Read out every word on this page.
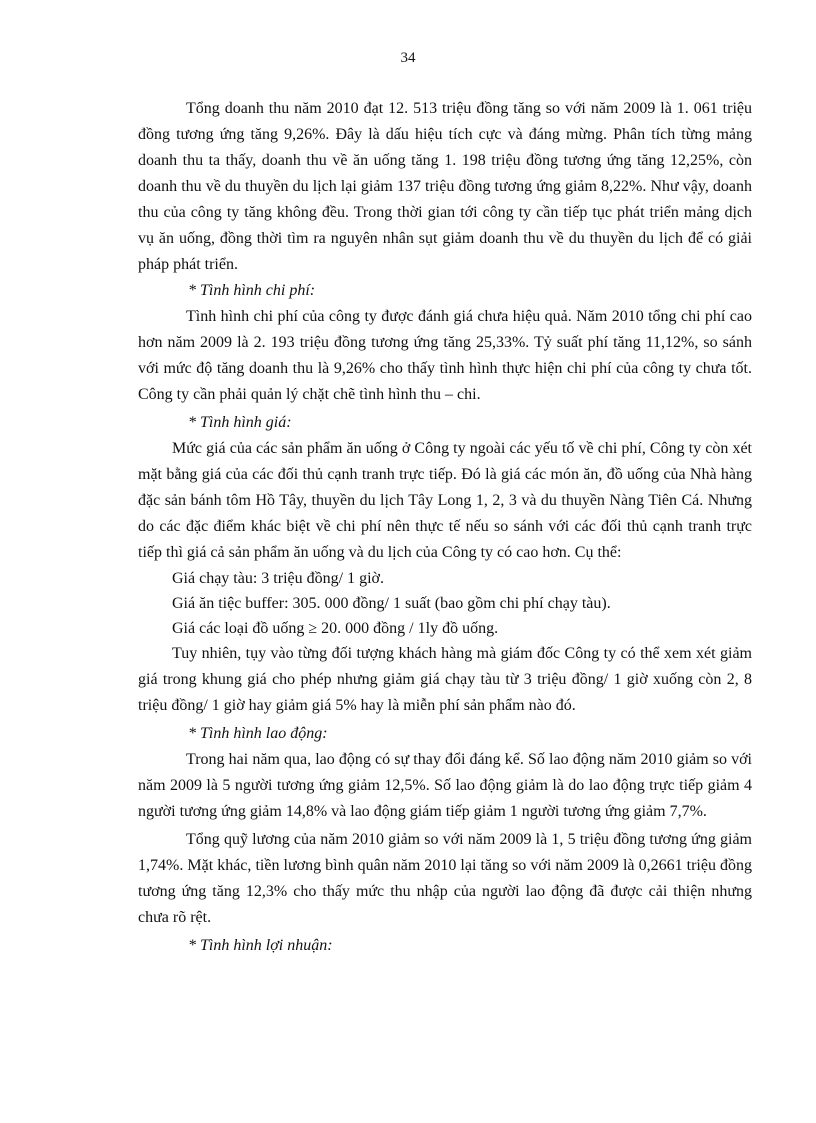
34

Tổng doanh thu năm 2010 đạt 12. 513 triệu đồng tăng so với năm 2009 là 1. 061 triệu đồng tương ứng tăng 9,26%. Đây là dấu hiệu tích cực và đáng mừng. Phân tích từng mảng doanh thu ta thấy, doanh thu về ăn uống tăng 1. 198 triệu đồng tương ứng tăng 12,25%, còn doanh thu về du thuyền du lịch lại giảm 137 triệu đồng tương ứng giảm 8,22%. Như vậy, doanh thu của công ty tăng không đều. Trong thời gian tới công ty cần tiếp tục phát triển mảng dịch vụ ăn uống, đồng thời tìm ra nguyên nhân sụt giảm doanh thu về du thuyền du lịch để có giải pháp phát triển.

* Tình hình chi phí:

Tình hình chi phí của công ty được đánh giá chưa hiệu quả. Năm 2010 tổng chi phí cao hơn năm 2009 là 2. 193 triệu đồng tương ứng tăng 25,33%. Tỷ suất phí tăng 11,12%, so sánh với mức độ tăng doanh thu là 9,26% cho thấy tình hình thực hiện chi phí của công ty chưa tốt. Công ty cần phải quản lý chặt chẽ tình hình thu – chi.

* Tình hình giá:

Mức giá của các sản phẩm ăn uống ở Công ty ngoài các yếu tố về chi phí, Công ty còn xét mặt bằng giá của các đối thủ cạnh tranh trực tiếp. Đó là giá các món ăn, đồ uống của Nhà hàng đặc sản bánh tôm Hồ Tây, thuyền du lịch Tây Long 1, 2, 3 và du thuyền Nàng Tiên Cá. Nhưng do các đặc điểm khác biệt về chi phí nên thực tế nếu so sánh với các đối thủ cạnh tranh trực tiếp thì giá cả sản phẩm ăn uống và du lịch của Công ty có cao hơn. Cụ thể:

Giá chạy tàu: 3 triệu đồng/ 1 giờ.

Giá ăn tiệc buffer: 305. 000 đồng/ 1 suất (bao gồm chi phí chạy tàu).

Giá các loại đồ uống ≥ 20. 000 đồng / 1ly đồ uống.

Tuy nhiên, tụy vào từng đối tượng khách hàng mà giám đốc Công ty có thể xem xét giảm giá trong khung giá cho phép nhưng giảm giá chạy tàu từ 3 triệu đồng/ 1 giờ xuống còn 2, 8 triệu đồng/ 1 giờ hay giảm giá 5% hay là miễn phí sản phẩm nào đó.

* Tình hình lao động:

Trong hai năm qua, lao động có sự thay đổi đáng kể. Số lao động năm 2010 giảm so với năm 2009 là 5 người tương ứng giảm 12,5%. Số lao động giảm là do lao động trực tiếp giảm 4 người tương ứng giảm 14,8% và lao động giám tiếp giảm 1 người tương ứng giảm 7,7%.

Tổng quỹ lương của năm 2010 giảm so với năm 2009 là 1, 5 triệu đồng tương ứng giảm 1,74%. Mặt khác, tiền lương bình quân năm 2010 lại tăng so với năm 2009 là 0,2661 triệu đồng tương ứng tăng 12,3% cho thấy mức thu nhập của người lao động đã được cải thiện nhưng chưa rõ rệt.

* Tình hình lợi nhuận:
